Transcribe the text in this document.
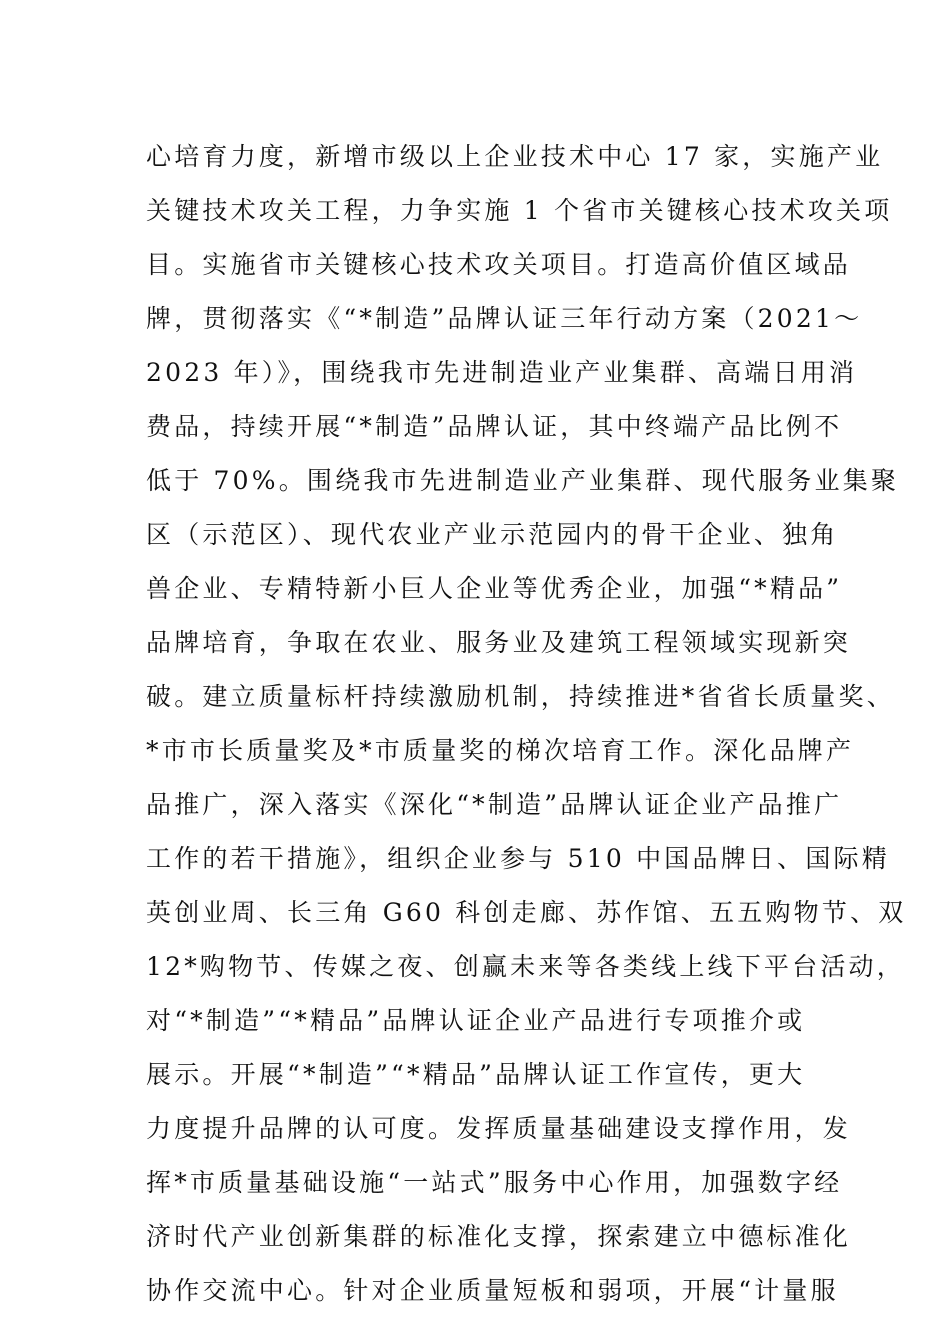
心培育力度，新增市级以上企业技术中心 17 家，实施产业
关键技术攻关工程，力争实施 1 个省市关键核心技术攻关项
目。实施省市关键核心技术攻关项目。打造高价值区域品
牌，贯彻落实《“*制造”品牌认证三年行动方案（2021～
2023 年）》，围绕我市先进制造业产业集群、高端日用消
费品，持续开展“*制造”品牌认证，其中终端产品比例不
低于 70%。围绕我市先进制造业产业集群、现代服务业集聚
区（示范区）、现代农业产业示范园内的骨干企业、独角
兽企业、专精特新小巨人企业等优秀企业，加强“*精品”
品牌培育，争取在农业、服务业及建筑工程领域实现新突
破。建立质量标杆持续激励机制，持续推进*省省长质量奖、
*市市长质量奖及*市质量奖的梯次培育工作。深化品牌产
品推广，深入落实《深化“*制造”品牌认证企业产品推广
工作的若干措施》，组织企业参与 510 中国品牌日、国际精
英创业周、长三角 G60 科创走廊、苏作馆、五五购物节、双
12*购物节、传媒之夜、创赢未来等各类线上线下平台活动，
对“*制造”“*精品”品牌认证企业产品进行专项推介或
展示。开展“*制造”“*精品”品牌认证工作宣传，更大
力度提升品牌的认可度。发挥质量基础建设支撑作用，发
挥*市质量基础设施“一站式”服务中心作用，加强数字经
济时代产业创新集群的标准化支撑，探索建立中德标准化
协作交流中心。针对企业质量短板和弱项，开展“计量服
